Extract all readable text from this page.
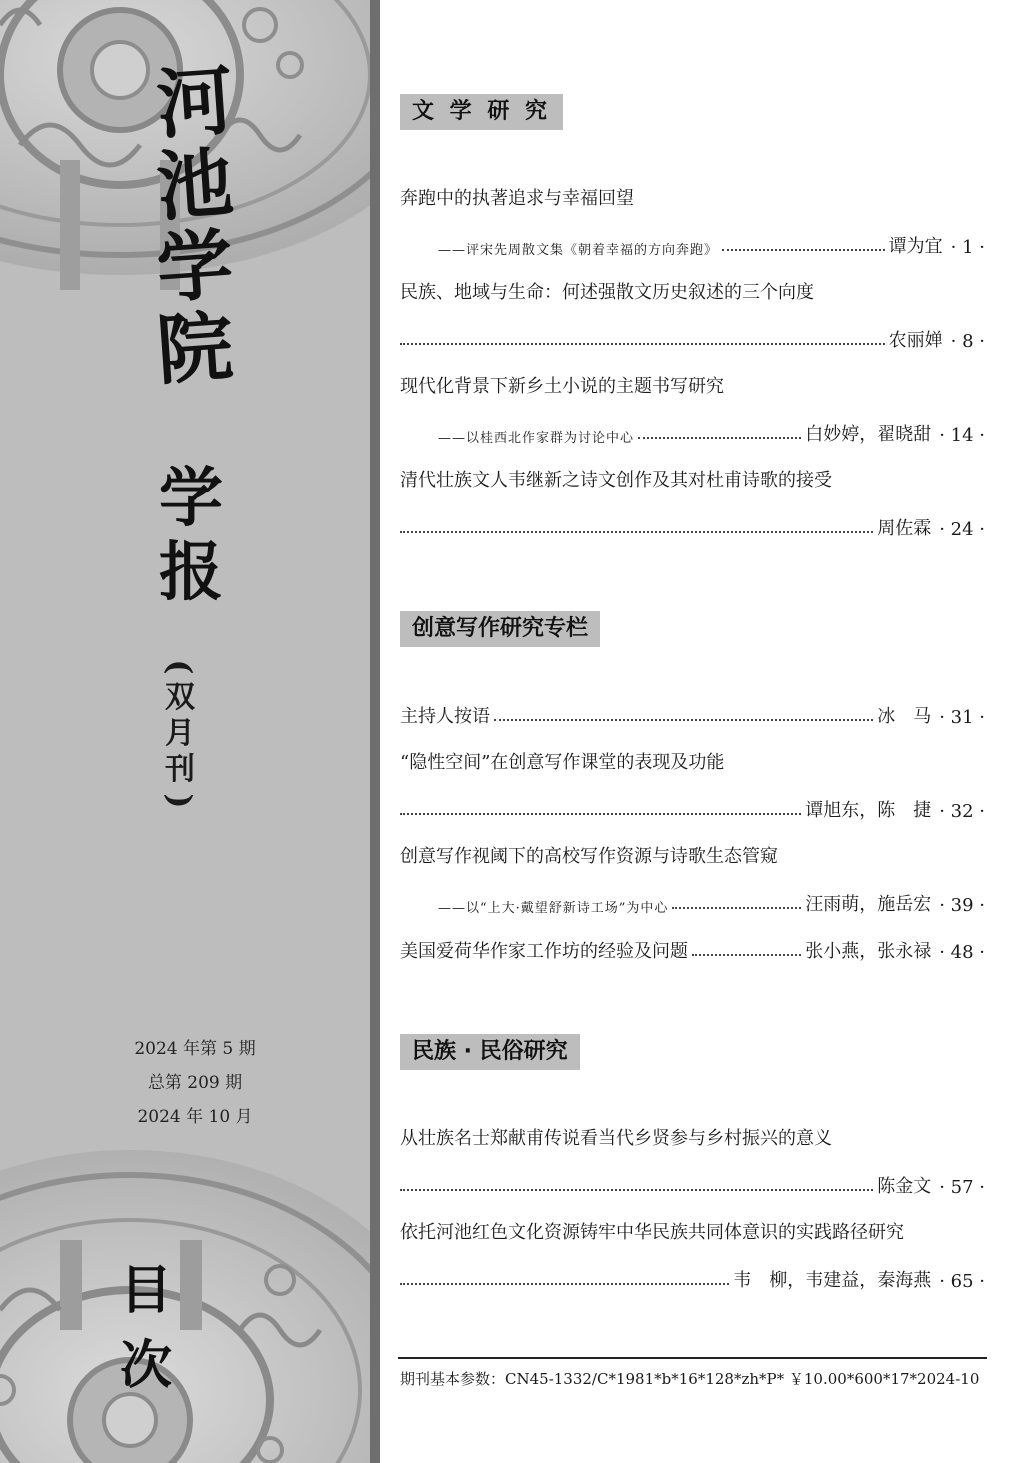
河
池
学
院
学
报
(
双
月
刊
)
2024 年第 5 期
总第 209 期
2024 年 10 月
目 次
文 学 研 究
奔跑中的执著追求与幸福回望
——评宋先周散文集《朝着幸福的方向奔跑》	谭为宜 · 1 ·
民族、地域与生命：何述强散文历史叙述的三个向度
农丽婵 · 8 ·
现代化背景下新乡土小说的主题书写研究
——以桂西北作家群为讨论中心	白妙婷，翟晓甜 · 14 ·
清代壮族文人韦继新之诗文创作及其对杜甫诗歌的接受
周佐霖 · 24 ·
创意写作研究专栏
主持人按语	冰　马 · 31 ·
“隐性空间”在创意写作课堂的表现及功能
谭旭东，陈　捷 · 32 ·
创意写作视阈下的高校写作资源与诗歌生态管窥
——以“上大·戴望舒新诗工场”为中心	汪雨萌，施岳宏 · 39 ·
美国爱荷华作家工作坊的经验及问题	张小燕，张永禄 · 48 ·
民族 · 民俗研究
从壮族名士郑献甫传说看当代乡贤参与乡村振兴的意义
陈金文 · 57 ·
依托河池红色文化资源铸牢中华民族共同体意识的实践路径研究
韦　柳，韦建益，秦海燕 · 65 ·
期刊基本参数：CN45-1332/C*1981*b*16*128*zh*P* ￥10.00*600*17*2024-10
